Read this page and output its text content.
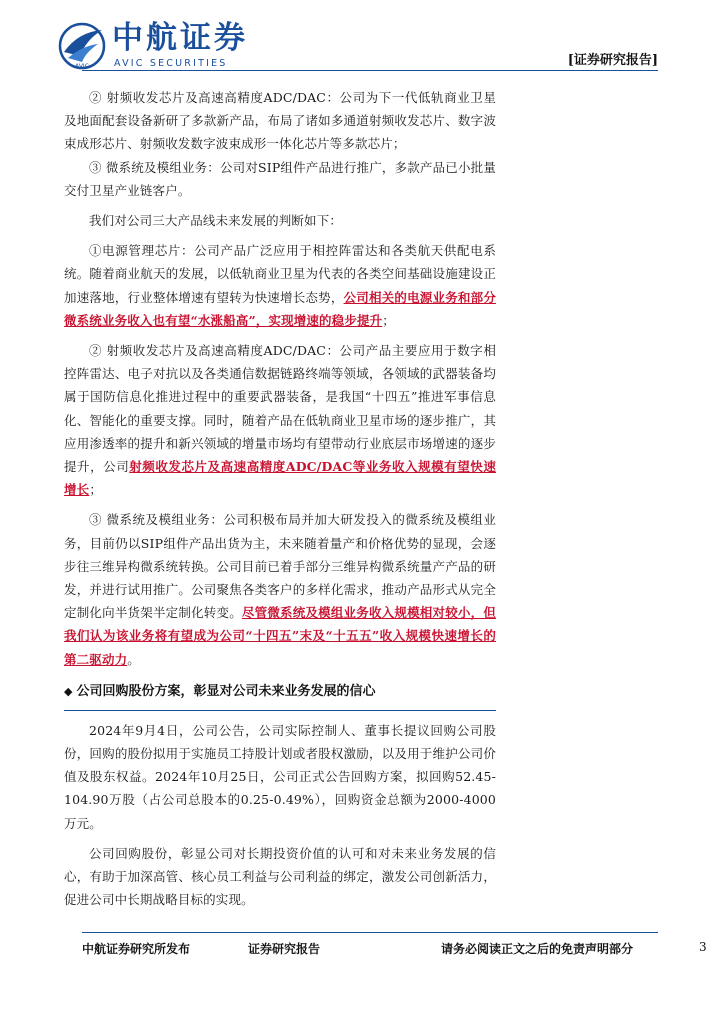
AVIC
中航证券
AVIC SECURITIES	[证券研究报告]

② 射频收发芯片及高速高精度ADC/DAC：公司为下一代低轨商业卫星及地面配套设备新研了多款新产品，布局了诸如多通道射频收发芯片、数字波束成形芯片、射频收发数字波束成形一体化芯片等多款芯片；

③ 微系统及模组业务：公司对SIP组件产品进行推广，多款产品已小批量交付卫星产业链客户。

我们对公司三大产品线未来发展的判断如下：

①电源管理芯片：公司产品广泛应用于相控阵雷达和各类航天供配电系统。随着商业航天的发展，以低轨商业卫星为代表的各类空间基础设施建设正加速落地，行业整体增速有望转为快速增长态势，公司相关的电源业务和部分微系统业务收入也有望“水涨船高”，实现增速的稳步提升；

② 射频收发芯片及高速高精度ADC/DAC：公司产品主要应用于数字相控阵雷达、电子对抗以及各类通信数据链路终端等领域，各领域的武器装备均属于国防信息化推进过程中的重要武器装备，是我国“十四五”推进军事信息化、智能化的重要支撑。同时，随着产品在低轨商业卫星市场的逐步推广，其应用渗透率的提升和新兴领域的增量市场均有望带动行业底层市场增速的逐步提升，公司射频收发芯片及高速高精度ADC/DAC等业务收入规模有望快速增长；

③ 微系统及模组业务：公司积极布局并加大研发投入的微系统及模组业务，目前仍以SIP组件产品出货为主，未来随着量产和价格优势的显现，会逐步往三维异构微系统转换。公司目前已着手部分三维异构微系统量产产品的研发，并进行试用推广。公司聚焦各类客户的多样化需求，推动产品形式从完全定制化向半货架半定制化转变。尽管微系统及模组业务收入规模相对较小，但我们认为该业务将有望成为公司“十四五”末及“十五五”收入规模快速增长的第二驱动力。

◆ 公司回购股份方案，彰显对公司未来业务发展的信心

2024年9月4日，公司公告，公司实际控制人、董事长提议回购公司股份，回购的股份拟用于实施员工持股计划或者股权激励，以及用于维护公司价值及股东权益。2024年10月25日，公司正式公告回购方案，拟回购52.45-104.90万股（占公司总股本的0.25-0.49%），回购资金总额为2000-4000万元。

公司回购股份，彰显公司对长期投资价值的认可和对未来业务发展的信心，有助于加深高管、核心员工利益与公司利益的绑定，激发公司创新活力，促进公司中长期战略目标的实现。

中航证券研究所发布	证券研究报告	请务必阅读正文之后的免责声明部分	3
